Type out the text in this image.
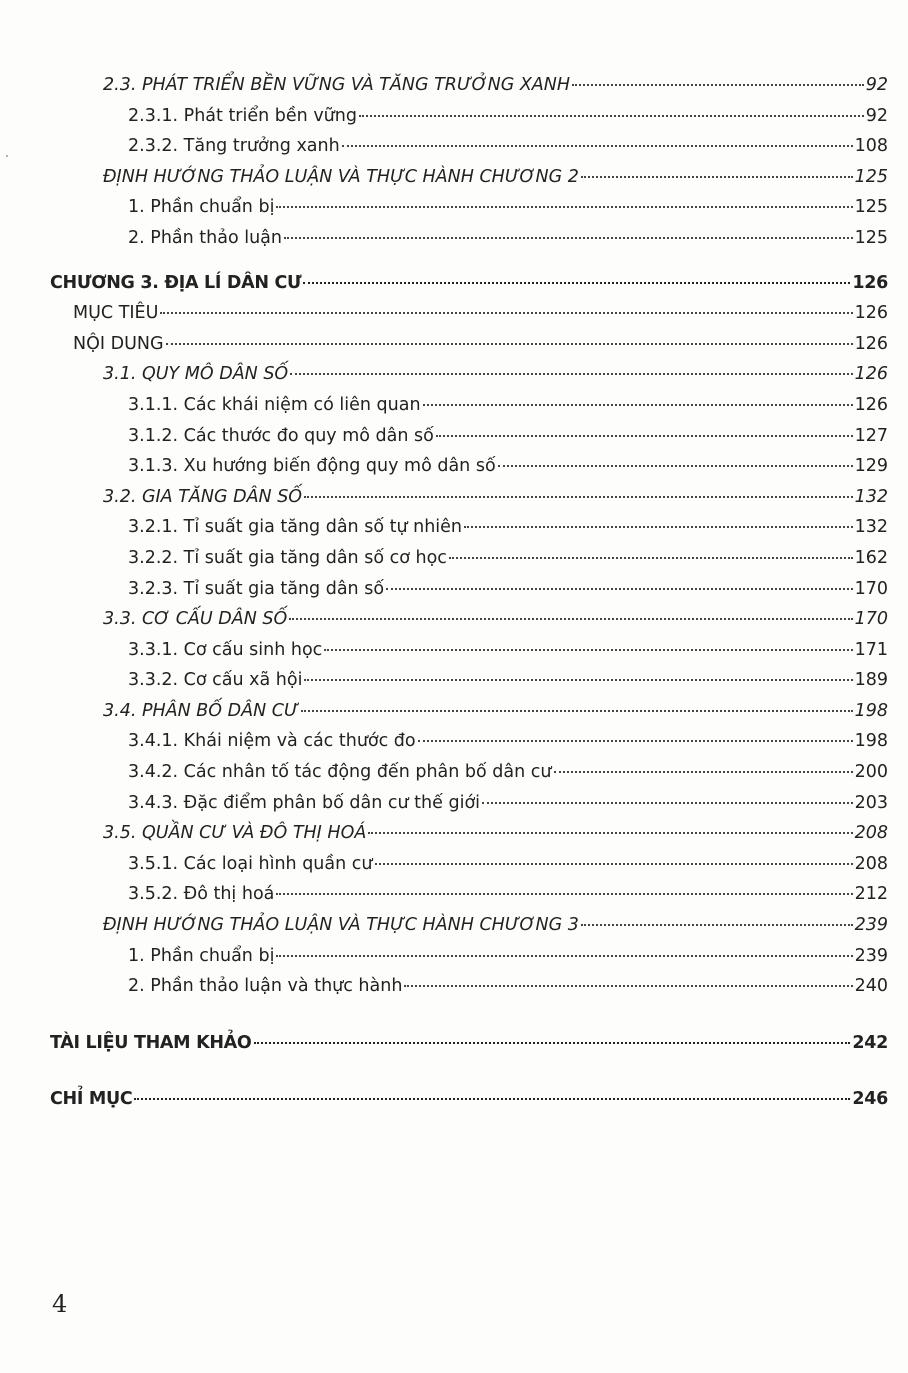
2.3. PHÁT TRIỂN BỀN VỮNG VÀ TĂNG TRƯỞNG XANH	92
2.3.1. Phát triển bền vững	92
2.3.2. Tăng trưởng xanh	108
ĐỊNH HƯỚNG THẢO LUẬN VÀ THỰC HÀNH CHƯƠNG 2	125
1. Phần chuẩn bị	125
2. Phần thảo luận	125
CHƯƠNG 3. ĐỊA LÍ DÂN CƯ	126
MỤC TIÊU	126
NỘI DUNG	126
3.1. QUY MÔ DÂN SỐ	126
3.1.1. Các khái niệm có liên quan	126
3.1.2. Các thước đo quy mô dân số	127
3.1.3. Xu hướng biến động quy mô dân số	129
3.2. GIA TĂNG DÂN SỐ	132
3.2.1. Tỉ suất gia tăng dân số tự nhiên	132
3.2.2. Tỉ suất gia tăng dân số cơ học	162
3.2.3. Tỉ suất gia tăng dân số	170
3.3. CƠ CẤU DÂN SỐ	170
3.3.1. Cơ cấu sinh học	171
3.3.2. Cơ cấu xã hội	189
3.4. PHÂN BỐ DÂN CƯ	198
3.4.1. Khái niệm và các thước đo	198
3.4.2. Các nhân tố tác động đến phân bố dân cư	200
3.4.3. Đặc điểm phân bố dân cư thế giới	203
3.5. QUẦN CƯ VÀ ĐÔ THỊ HOÁ	208
3.5.1. Các loại hình quần cư	208
3.5.2. Đô thị hoá	212
ĐỊNH HƯỚNG THẢO LUẬN VÀ THỰC HÀNH CHƯƠNG 3	239
1. Phần chuẩn bị	239
2. Phần thảo luận và thực hành	240
TÀI LIỆU THAM KHẢO	242
CHỈ MỤC	246
4
